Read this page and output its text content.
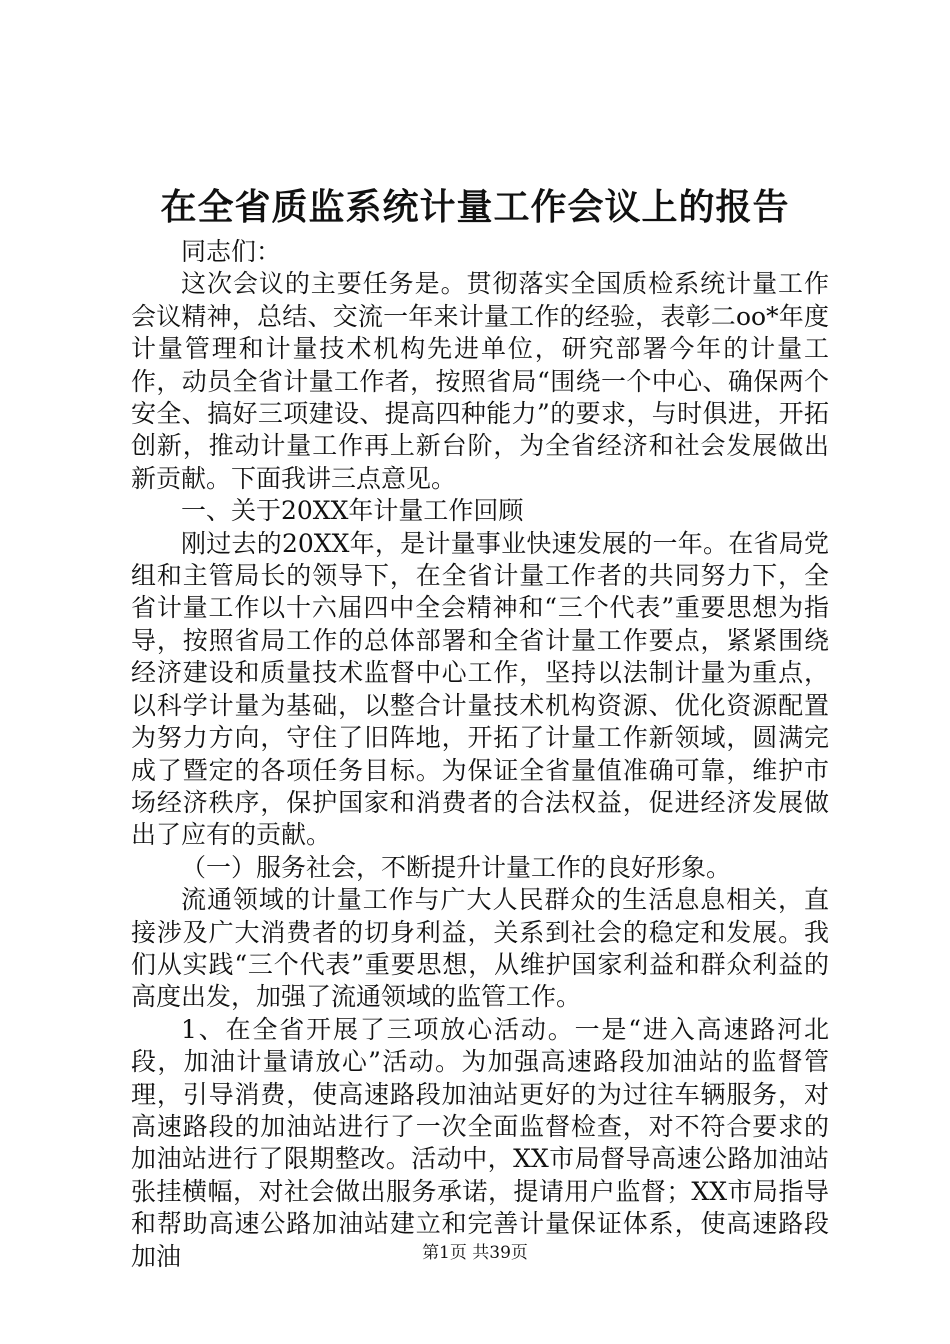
在全省质监系统计量工作会议上的报告

同志们：

这次会议的主要任务是。贯彻落实全国质检系统计量工作会议精神，总结、交流一年来计量工作的经验，表彰二oo*年度计量管理和计量技术机构先进单位，研究部署今年的计量工作，动员全省计量工作者，按照省局“围绕一个中心、确保两个安全、搞好三项建设、提高四种能力”的要求，与时俱进，开拓创新，推动计量工作再上新台阶，为全省经济和社会发展做出新贡献。下面我讲三点意见。

一、关于20XX年计量工作回顾

刚过去的20XX年，是计量事业快速发展的一年。在省局党组和主管局长的领导下，在全省计量工作者的共同努力下，全省计量工作以十六届四中全会精神和“三个代表”重要思想为指导，按照省局工作的总体部署和全省计量工作要点，紧紧围绕经济建设和质量技术监督中心工作，坚持以法制计量为重点，以科学计量为基础，以整合计量技术机构资源、优化资源配置为努力方向，守住了旧阵地，开拓了计量工作新领域，圆满完成了暨定的各项任务目标。为保证全省量值准确可靠，维护市场经济秩序，保护国家和消费者的合法权益，促进经济发展做出了应有的贡献。

（一）服务社会，不断提升计量工作的良好形象。

流通领域的计量工作与广大人民群众的生活息息相关，直接涉及广大消费者的切身利益，关系到社会的稳定和发展。我们从实践“三个代表”重要思想，从维护国家利益和群众利益的高度出发，加强了流通领域的监管工作。

1、在全省开展了三项放心活动。一是“进入高速路河北段，加油计量请放心”活动。为加强高速路段加油站的监督管理，引导消费，使高速路段加油站更好的为过往车辆服务，对高速路段的加油站进行了一次全面监督检查，对不符合要求的加油站进行了限期整改。活动中，XX市局督导高速公路加油站张挂横幅，对社会做出服务承诺，提请用户监督；XX市局指导和帮助高速公路加油站建立和完善计量保证体系，使高速路段加油	第1页 共39页
